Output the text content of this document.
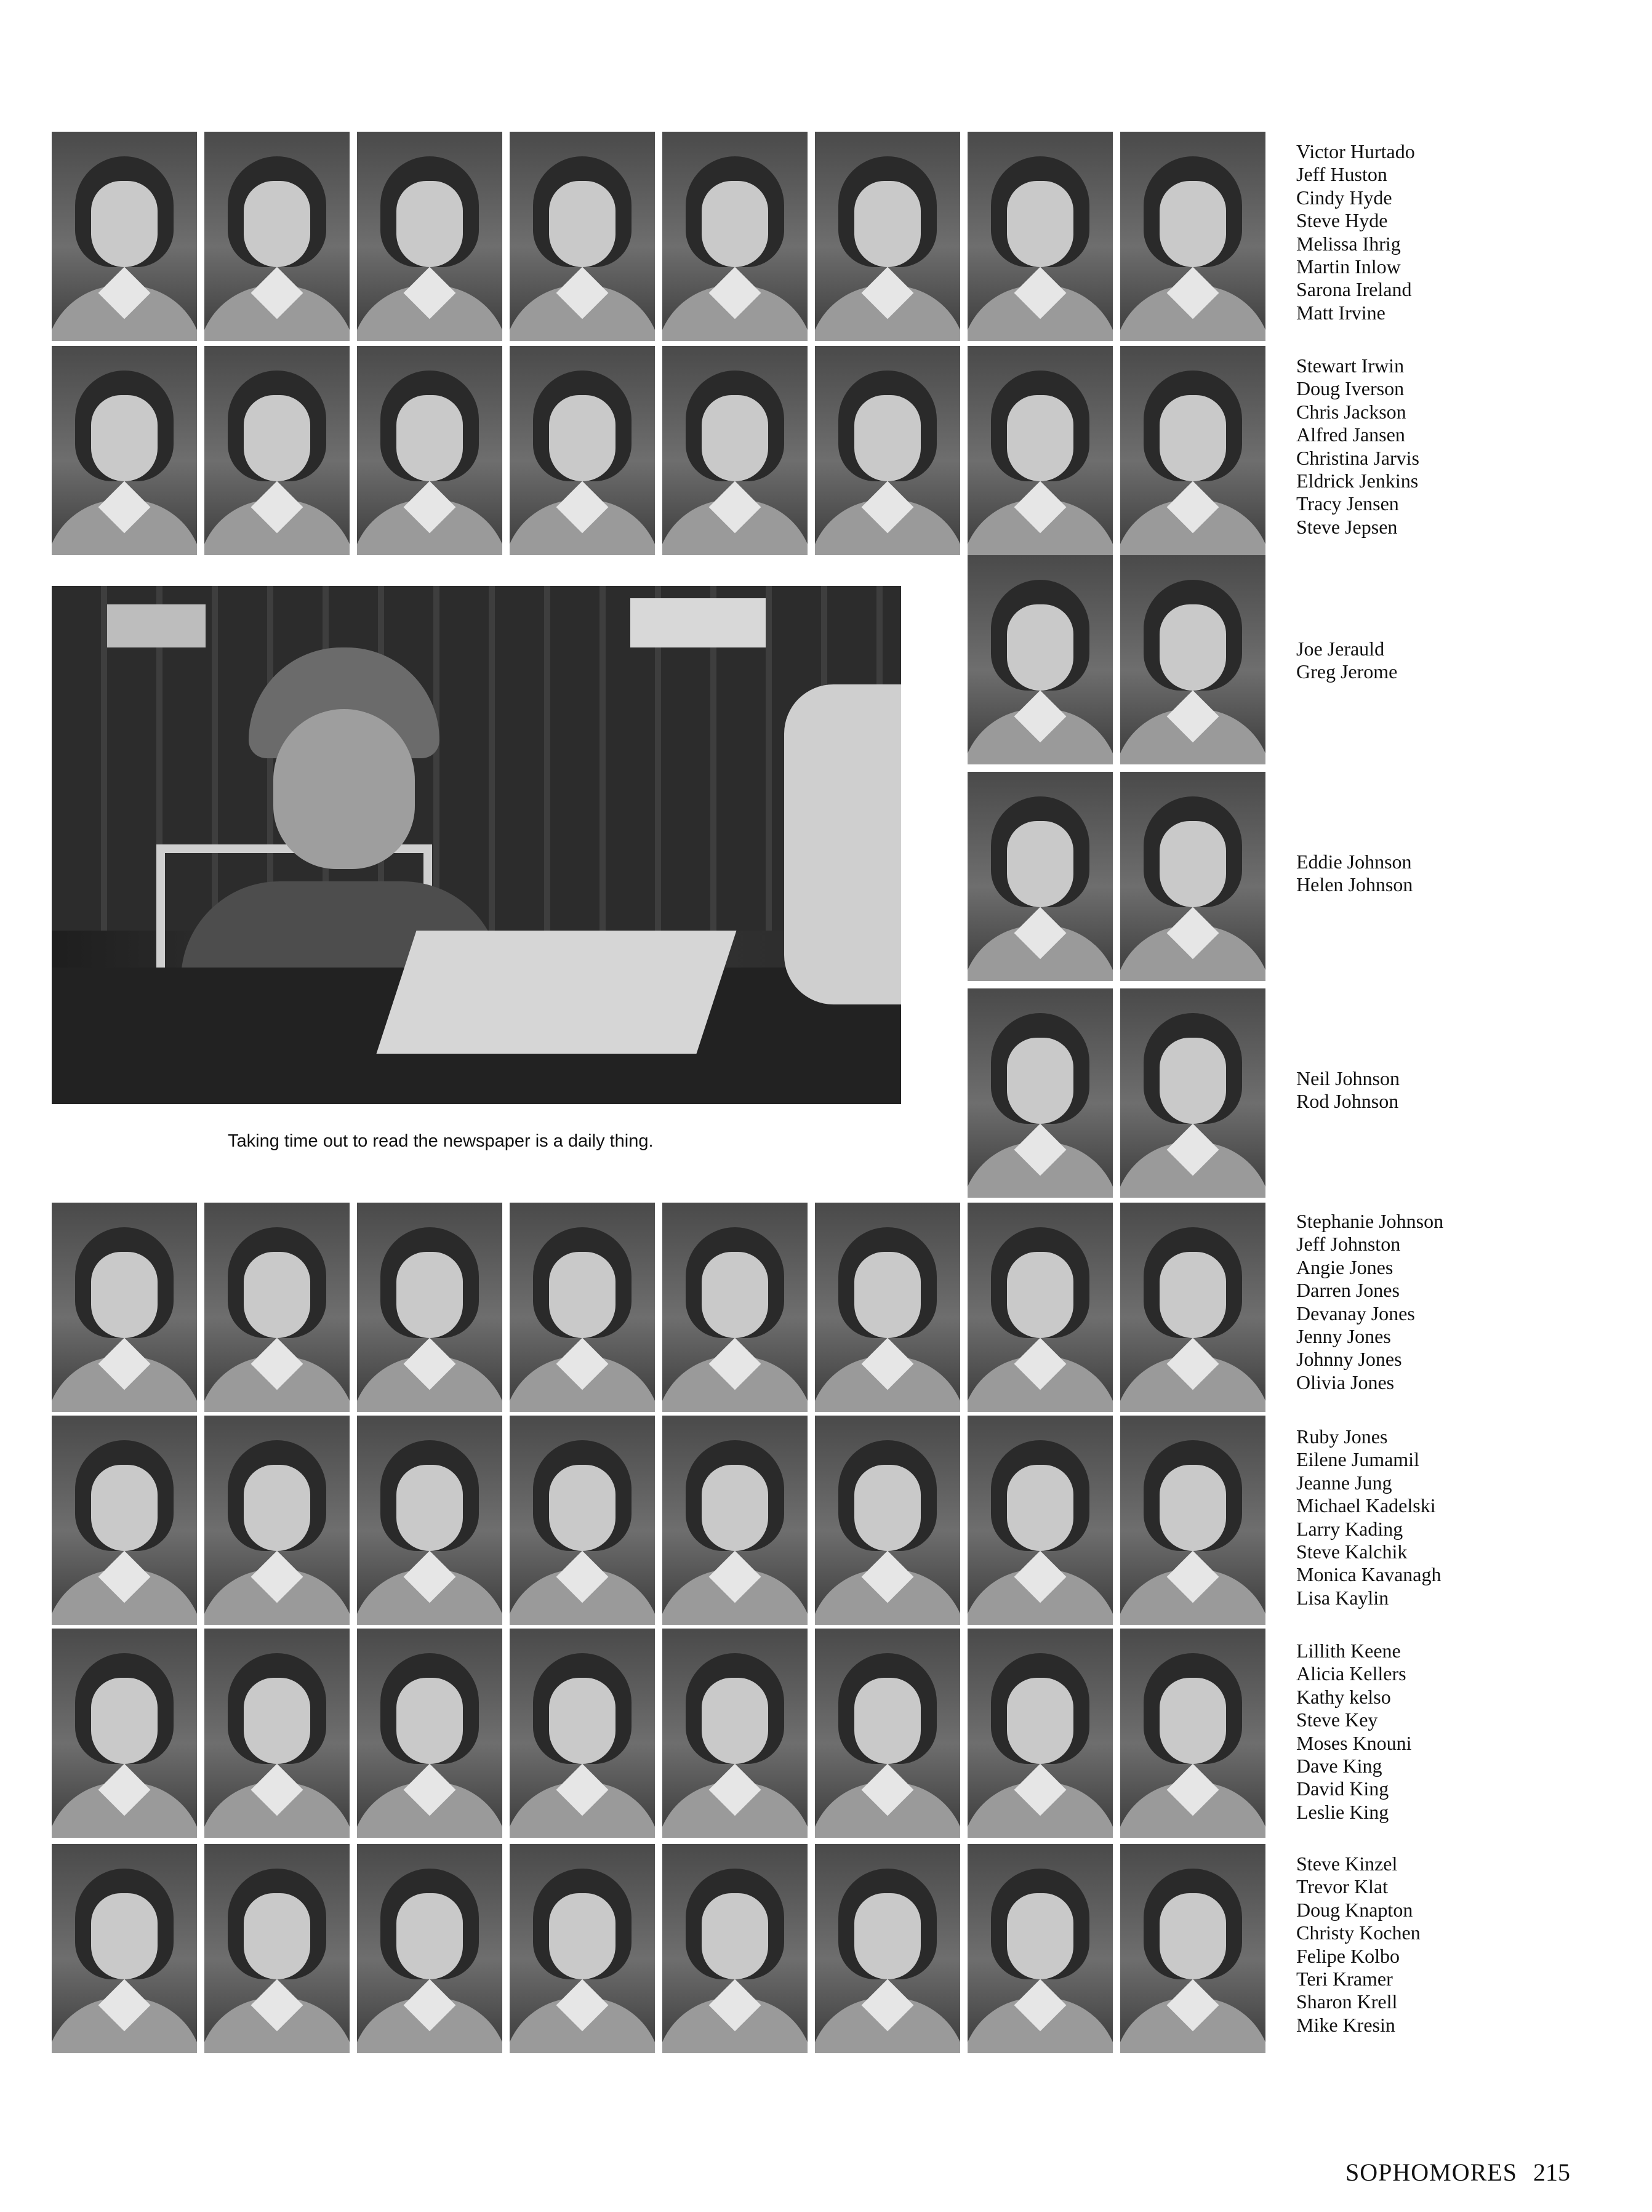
Victor Hurtado
Jeff Huston
Cindy Hyde
Steve Hyde
Melissa Ihrig
Martin Inlow
Sarona Ireland
Matt Irvine
Stewart Irwin
Doug Iverson
Chris Jackson
Alfred Jansen
Christina Jarvis
Eldrick Jenkins
Tracy Jensen
Steve Jepsen
Taking time out to read the newspaper is a daily thing.
Joe Jerauld
Greg Jerome
Eddie Johnson
Helen Johnson
Neil Johnson
Rod Johnson
Stephanie Johnson
Jeff Johnston
Angie Jones
Darren Jones
Devanay Jones
Jenny Jones
Johnny Jones
Olivia Jones
Ruby Jones
Eilene Jumamil
Jeanne Jung
Michael Kadelski
Larry Kading
Steve Kalchik
Monica Kavanagh
Lisa Kaylin
Lillith Keene
Alicia Kellers
Kathy kelso
Steve Key
Moses Knouni
Dave King
David King
Leslie King
Steve Kinzel
Trevor Klat
Doug Knapton
Christy Kochen
Felipe Kolbo
Teri Kramer
Sharon Krell
Mike Kresin
SOPHOMORES 215
